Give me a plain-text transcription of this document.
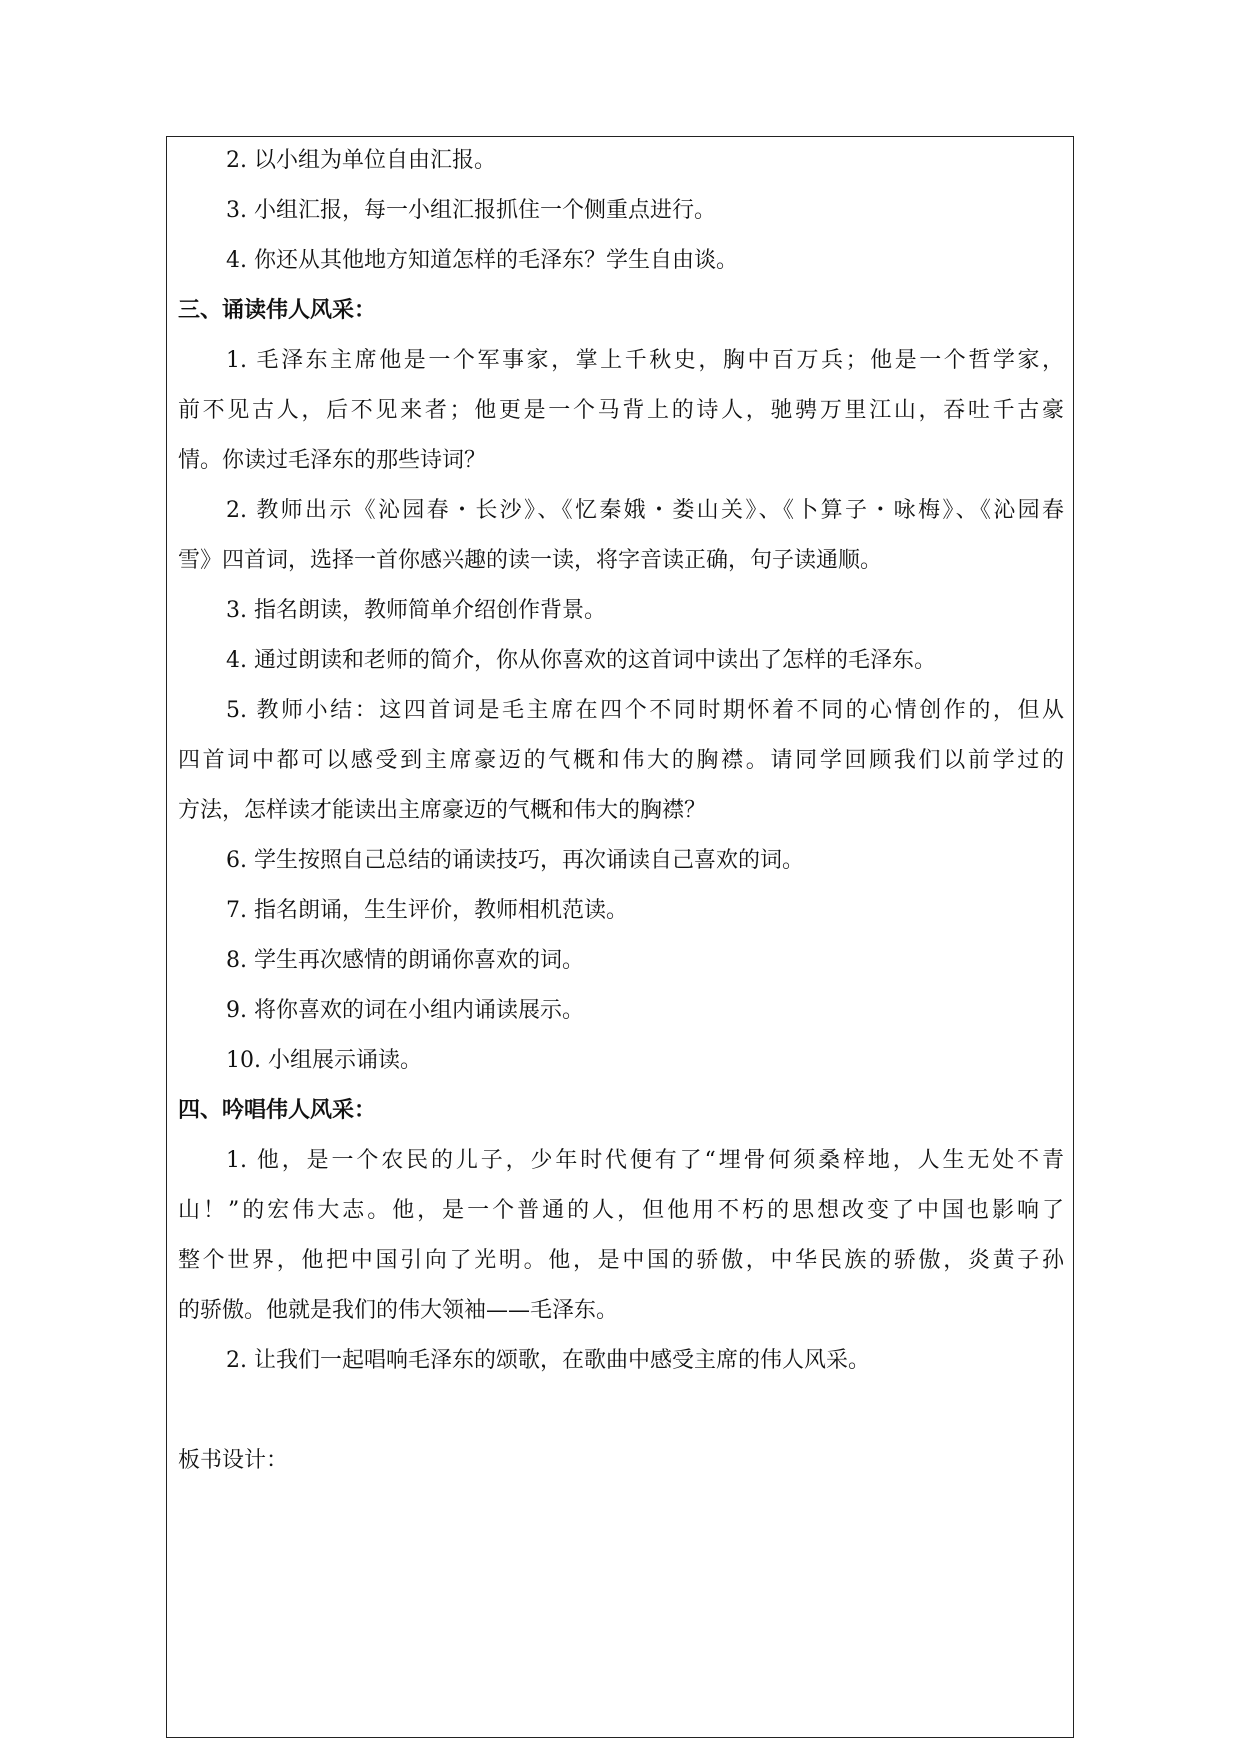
2. 以小组为单位自由汇报。
3. 小组汇报，每一小组汇报抓住一个侧重点进行。
4. 你还从其他地方知道怎样的毛泽东？学生自由谈。
三、诵读伟人风采：
1. 毛泽东主席他是一个军事家，掌上千秋史，胸中百万兵；他是一个哲学家，
前不见古人，后不见来者；他更是一个马背上的诗人，驰骋万里江山，吞吐千古豪
情。你读过毛泽东的那些诗词？
2. 教师出示《沁园春・长沙》、《忆秦娥・娄山关》、《卜算子・咏梅》、《沁园春
雪》四首词，选择一首你感兴趣的读一读，将字音读正确，句子读通顺。
3. 指名朗读，教师简单介绍创作背景。
4. 通过朗读和老师的简介，你从你喜欢的这首词中读出了怎样的毛泽东。
5. 教师小结：这四首词是毛主席在四个不同时期怀着不同的心情创作的，但从
四首词中都可以感受到主席豪迈的气概和伟大的胸襟。请同学回顾我们以前学过的
方法，怎样读才能读出主席豪迈的气概和伟大的胸襟？
6. 学生按照自己总结的诵读技巧，再次诵读自己喜欢的词。
7. 指名朗诵，生生评价，教师相机范读。
8. 学生再次感情的朗诵你喜欢的词。
9. 将你喜欢的词在小组内诵读展示。
10. 小组展示诵读。
四、吟唱伟人风采：
1. 他，是一个农民的儿子，少年时代便有了“埋骨何须桑梓地，人生无处不青
山！”的宏伟大志。他，是一个普通的人，但他用不朽的思想改变了中国也影响了
整个世界，他把中国引向了光明。他，是中国的骄傲，中华民族的骄傲，炎黄子孙
的骄傲。他就是我们的伟大领袖——毛泽东。
2. 让我们一起唱响毛泽东的颂歌，在歌曲中感受主席的伟人风采。
板书设计：
